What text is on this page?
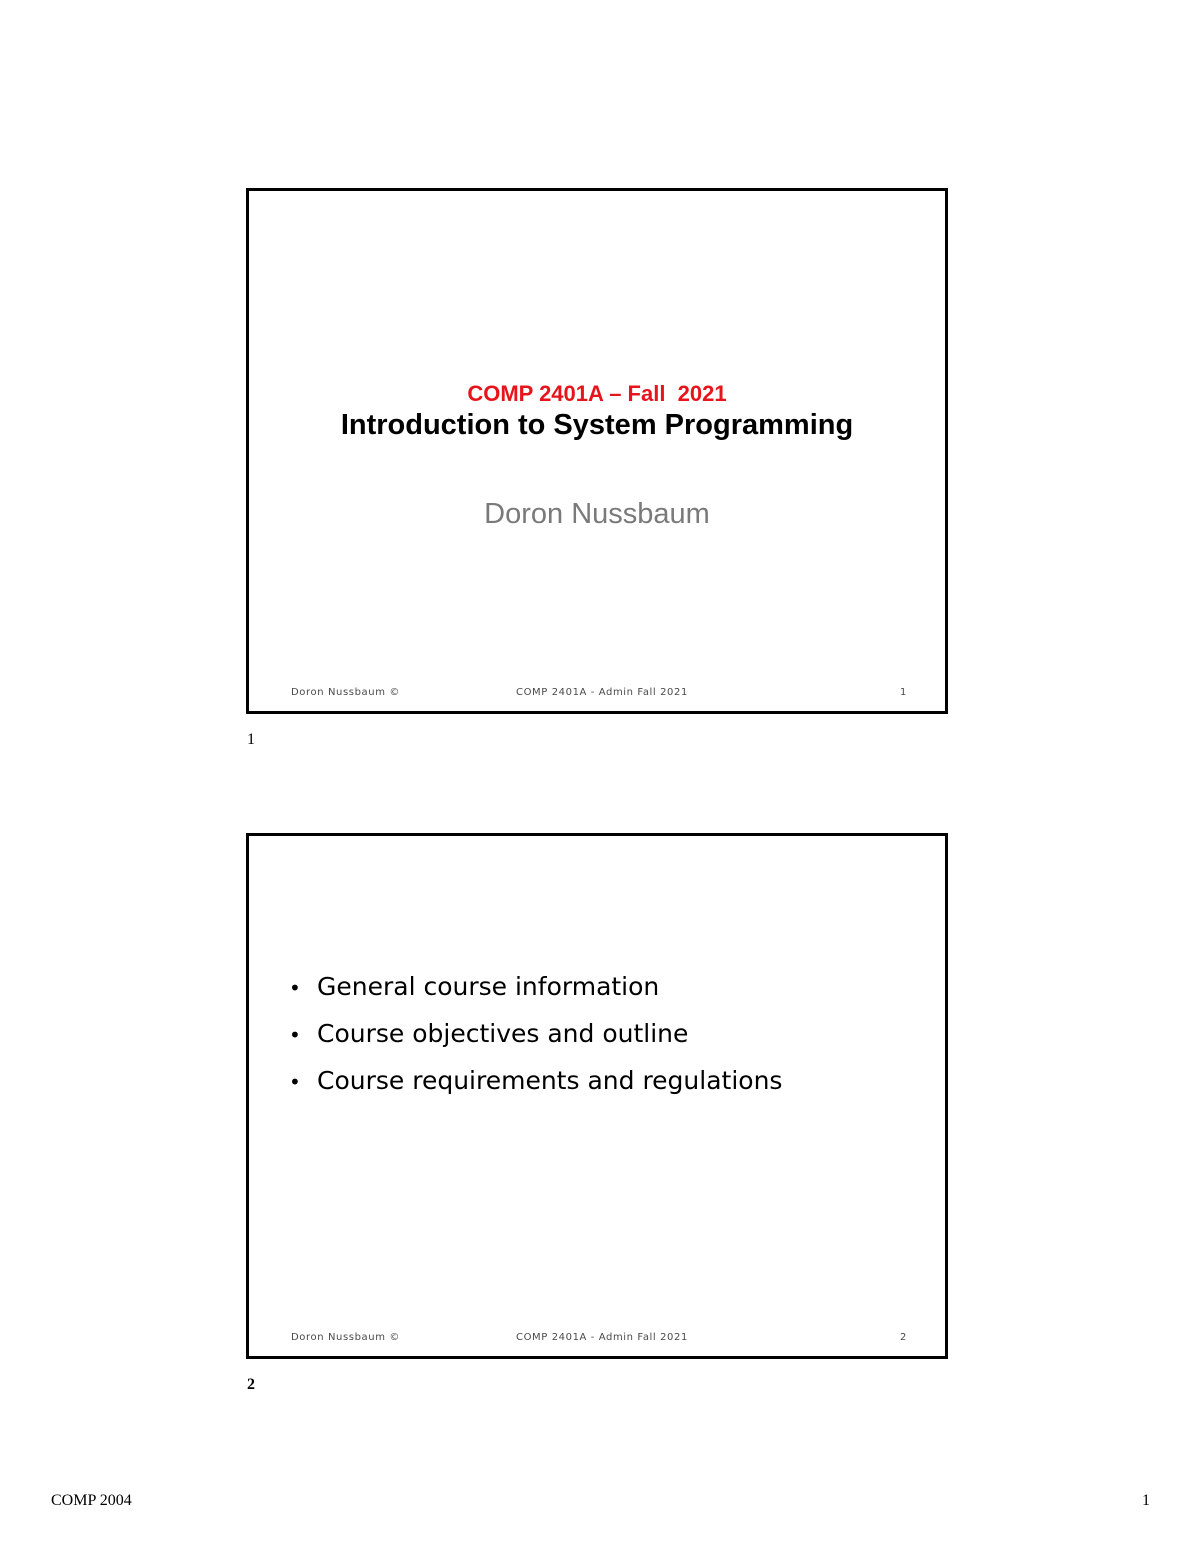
COMP 2401A – Fall  2021
Introduction to System Programming
Doron Nussbaum
Doron Nussbaum ©	COMP 2401A - Admin Fall 2021	1
1
• General course information
• Course objectives and outline
• Course requirements and regulations
Doron Nussbaum ©	COMP 2401A - Admin Fall 2021	2
2
COMP 2004	1
